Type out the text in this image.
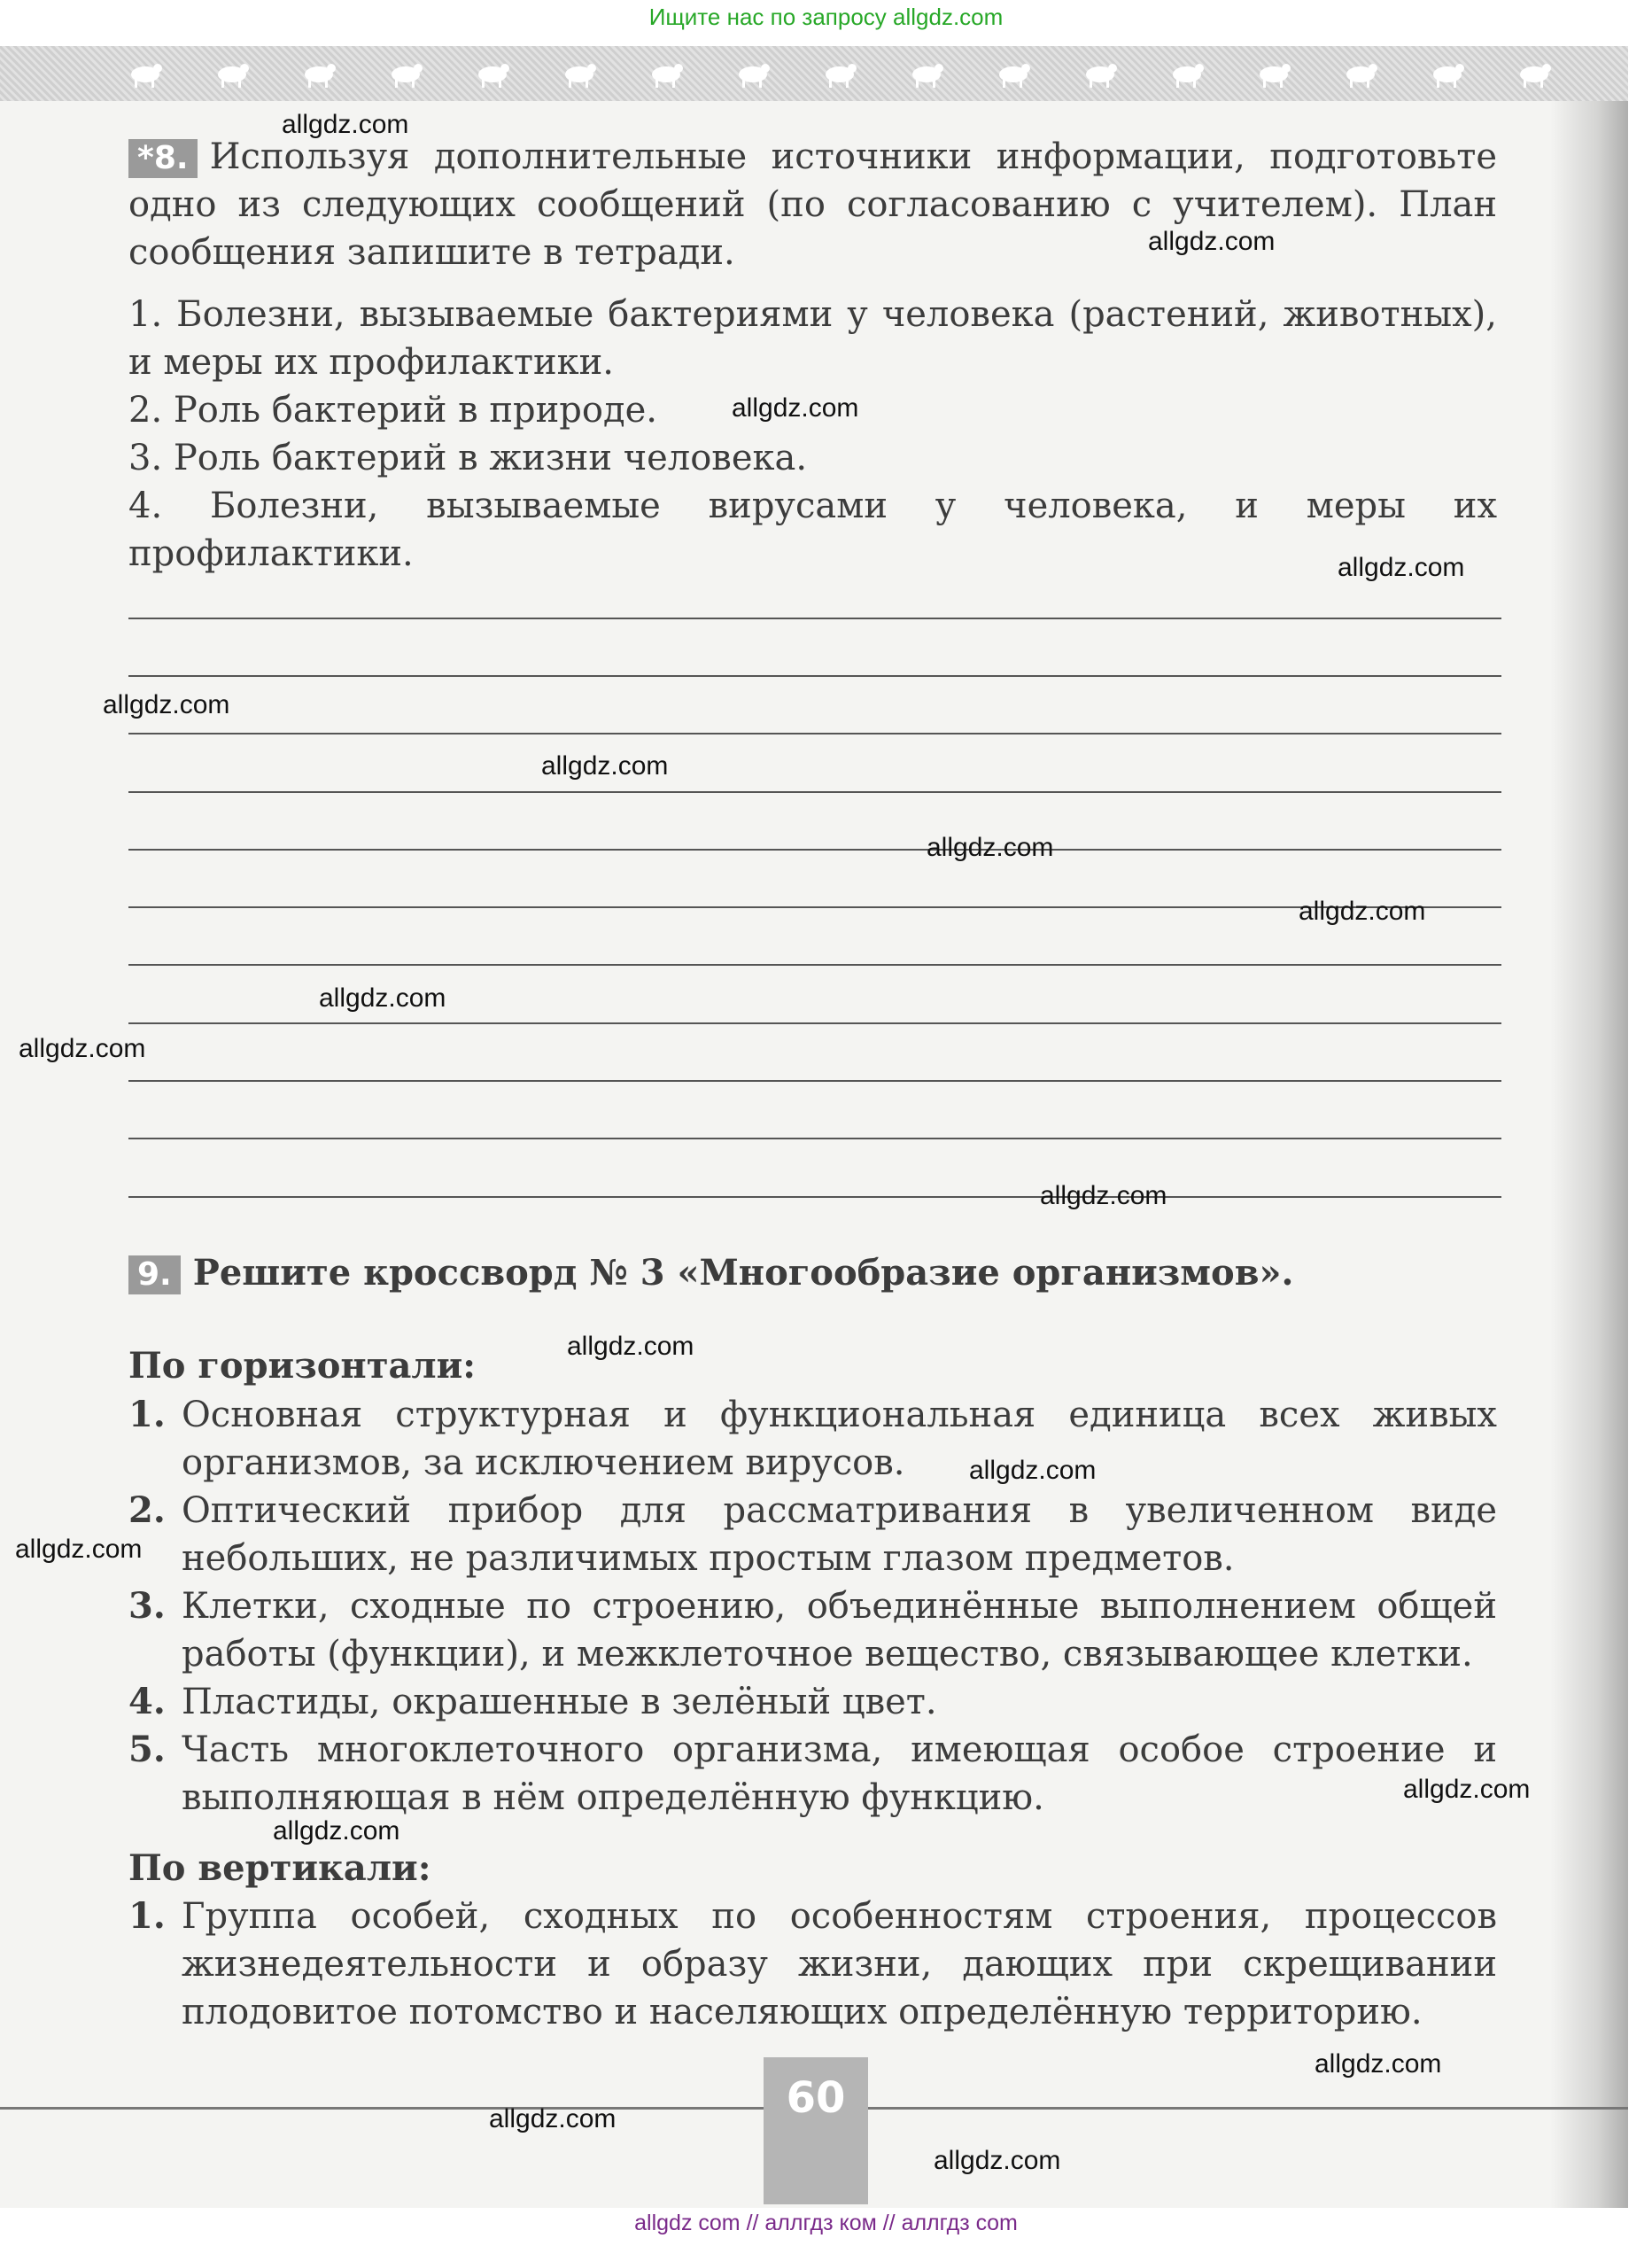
Ищите нас по запросу allgdz.com
*8. Используя дополнительные источники информации, подготовьте одно из следующих сообщений (по согласованию с учителем). План сообщения запишите в тетради.
1. Болезни, вызываемые бактериями у человека (растений, животных), и меры их профилактики.
2. Роль бактерий в природе.
3. Роль бактерий в жизни человека.
4. Болезни, вызываемые вирусами у человека, и меры их профилактики.
9. Решите кроссворд № 3 «Многообразие организмов».
По горизонтали:
1. Основная структурная и функциональная единица всех живых организмов, за исключением вирусов.
2. Оптический прибор для рассматривания в увеличенном виде небольших, не различимых простым глазом предметов.
3. Клетки, сходные по строению, объединённые выполнением общей работы (функции), и межклеточное вещество, связывающее клетки.
4. Пластиды, окрашенные в зелёный цвет.
5. Часть многоклеточного организма, имеющая особое строение и выполняющая в нём определённую функцию.
По вертикали:
1. Группа особей, сходных по особенностям строения, процессов жизнедеятельности и образу жизни, дающих при скрещивании плодовитое потомство и населяющих определённую территорию.
60
allgdz.com
allgdz.com
allgdz.com
allgdz.com
allgdz.com
allgdz.com
allgdz.com
allgdz.com
allgdz.com
allgdz.com
allgdz.com
allgdz.com
allgdz.com
allgdz.com
allgdz.com
allgdz.com
allgdz.com
allgdz.com
allgdz.com
allgdz com // аллгдз ком // аллгдз com
